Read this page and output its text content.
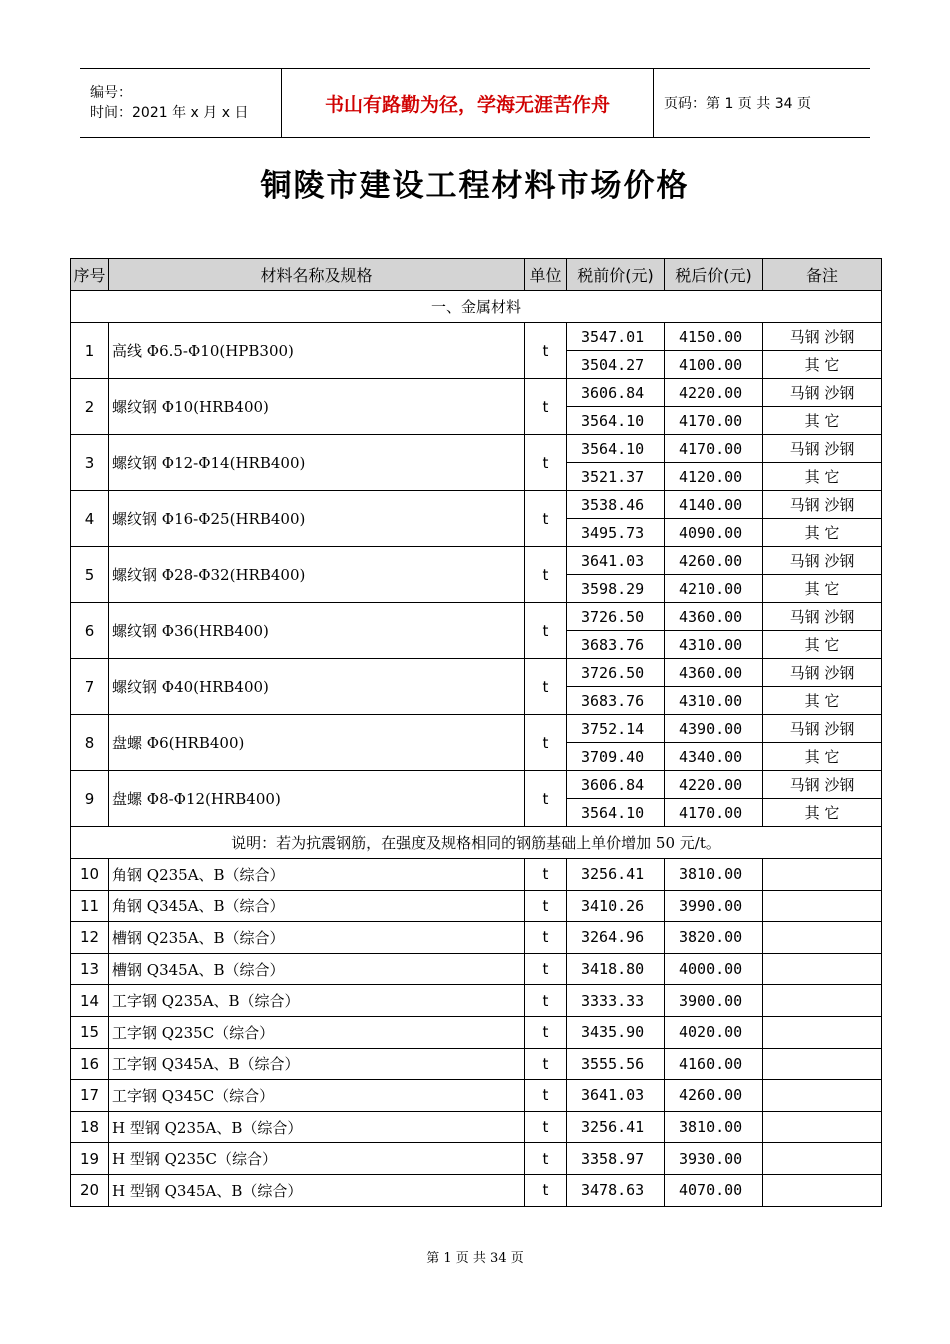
编号：
时间：2021 年 x 月 x 日	书山有路勤为径，学海无涯苦作舟	页码：第 1 页 共 34 页
铜陵市建设工程材料市场价格
序号	材料名称及规格	单位	税前价(元)	税后价(元)	备注
一、金属材料					
1	高线 Φ6.5-Φ10(HPB300)	t	3547.01	4150.00	马钢 沙钢
			3504.27	4100.00	其 它
2	螺纹钢 Φ10(HRB400)	t	3606.84	4220.00	马钢 沙钢
			3564.10	4170.00	其 它
3	螺纹钢 Φ12-Φ14(HRB400)	t	3564.10	4170.00	马钢 沙钢
			3521.37	4120.00	其 它
4	螺纹钢 Φ16-Φ25(HRB400)	t	3538.46	4140.00	马钢 沙钢
			3495.73	4090.00	其 它
5	螺纹钢 Φ28-Φ32(HRB400)	t	3641.03	4260.00	马钢 沙钢
			3598.29	4210.00	其 它
6	螺纹钢 Φ36(HRB400)	t	3726.50	4360.00	马钢 沙钢
			3683.76	4310.00	其 它
7	螺纹钢 Φ40(HRB400)	t	3726.50	4360.00	马钢 沙钢
			3683.76	4310.00	其 它
8	盘螺 Φ6(HRB400)	t	3752.14	4390.00	马钢 沙钢
			3709.40	4340.00	其 它
9	盘螺 Φ8-Φ12(HRB400)	t	3606.84	4220.00	马钢 沙钢
			3564.10	4170.00	其 它
说明：若为抗震钢筋，在强度及规格相同的钢筋基础上单价增加 50 元/t。					
10	角钢 Q235A、B（综合）	t	3256.41	3810.00	
11	角钢 Q345A、B（综合）	t	3410.26	3990.00	
12	槽钢 Q235A、B（综合）	t	3264.96	3820.00	
13	槽钢 Q345A、B（综合）	t	3418.80	4000.00	
14	工字钢 Q235A、B（综合）	t	3333.33	3900.00	
15	工字钢 Q235C（综合）	t	3435.90	4020.00	
16	工字钢 Q345A、B（综合）	t	3555.56	4160.00	
17	工字钢 Q345C（综合）	t	3641.03	4260.00	
18	H 型钢 Q235A、B（综合）	t	3256.41	3810.00	
19	H 型钢 Q235C（综合）	t	3358.97	3930.00	
20	H 型钢 Q345A、B（综合）	t	3478.63	4070.00	
第 1 页 共 34 页
